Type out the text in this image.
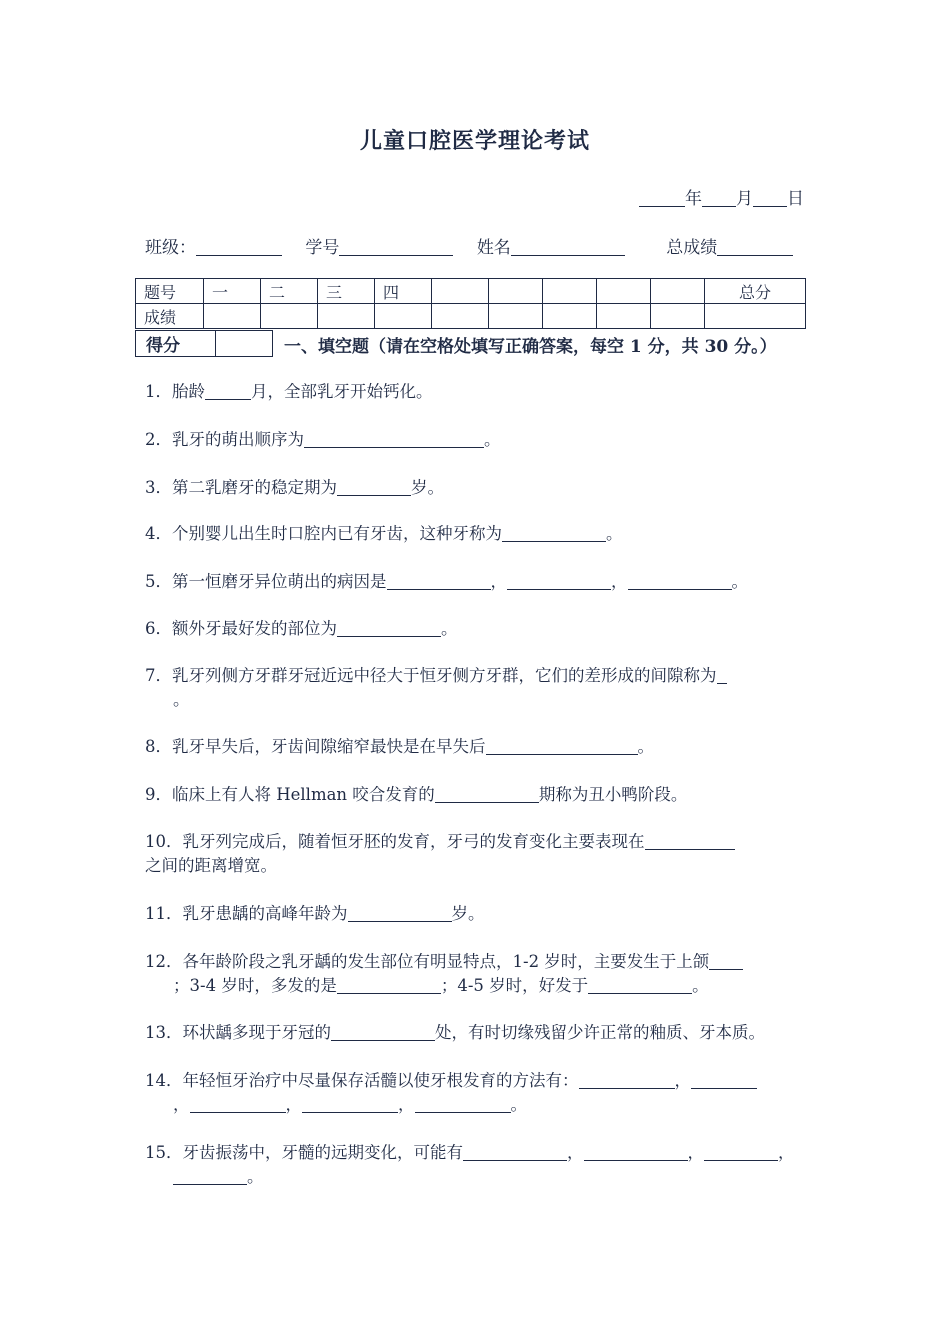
儿童口腔医学理论考试
年 月 日
班级：	学号	姓名	总成绩
题号	一	二	三	四						总分
成绩										
得分		一、填空题（请在空格处填写正确答案，每空 1 分，共 30 分。）
1．胎龄	月，全部乳牙开始钙化。
2．乳牙的萌出顺序为	。
3．第二乳磨牙的稳定期为	岁。
4．个别婴儿出生时口腔内已有牙齿，这种牙称为	。
5．第一恒磨牙异位萌出的病因是	，	，	。
6．额外牙最好发的部位为	。
7．乳牙列侧方牙群牙冠近远中径大于恒牙侧方牙群，它们的差形成的间隙称为
。
8．乳牙早失后，牙齿间隙缩窄最快是在早失后	。
9．临床上有人将 Hellman 咬合发育的	期称为丑小鸭阶段。
10．乳牙列完成后，随着恒牙胚的发育，牙弓的发育变化主要表现在
之间的距离增宽。
11．乳牙患龋的高峰年龄为	岁。
12．各年龄阶段之乳牙龋的发生部位有明显特点，1-2 岁时，主要发生于上颌
；3-4 岁时，多发的是	；4-5 岁时，好发于	。
13．环状龋多现于牙冠的	处，有时切缘残留少许正常的釉质、牙本质。
14．年轻恒牙治疗中尽量保存活髓以使牙根发育的方法有：	，
，	，	，	。
15．牙齿振荡中，牙髓的远期变化，可能有	，	，	，
。
